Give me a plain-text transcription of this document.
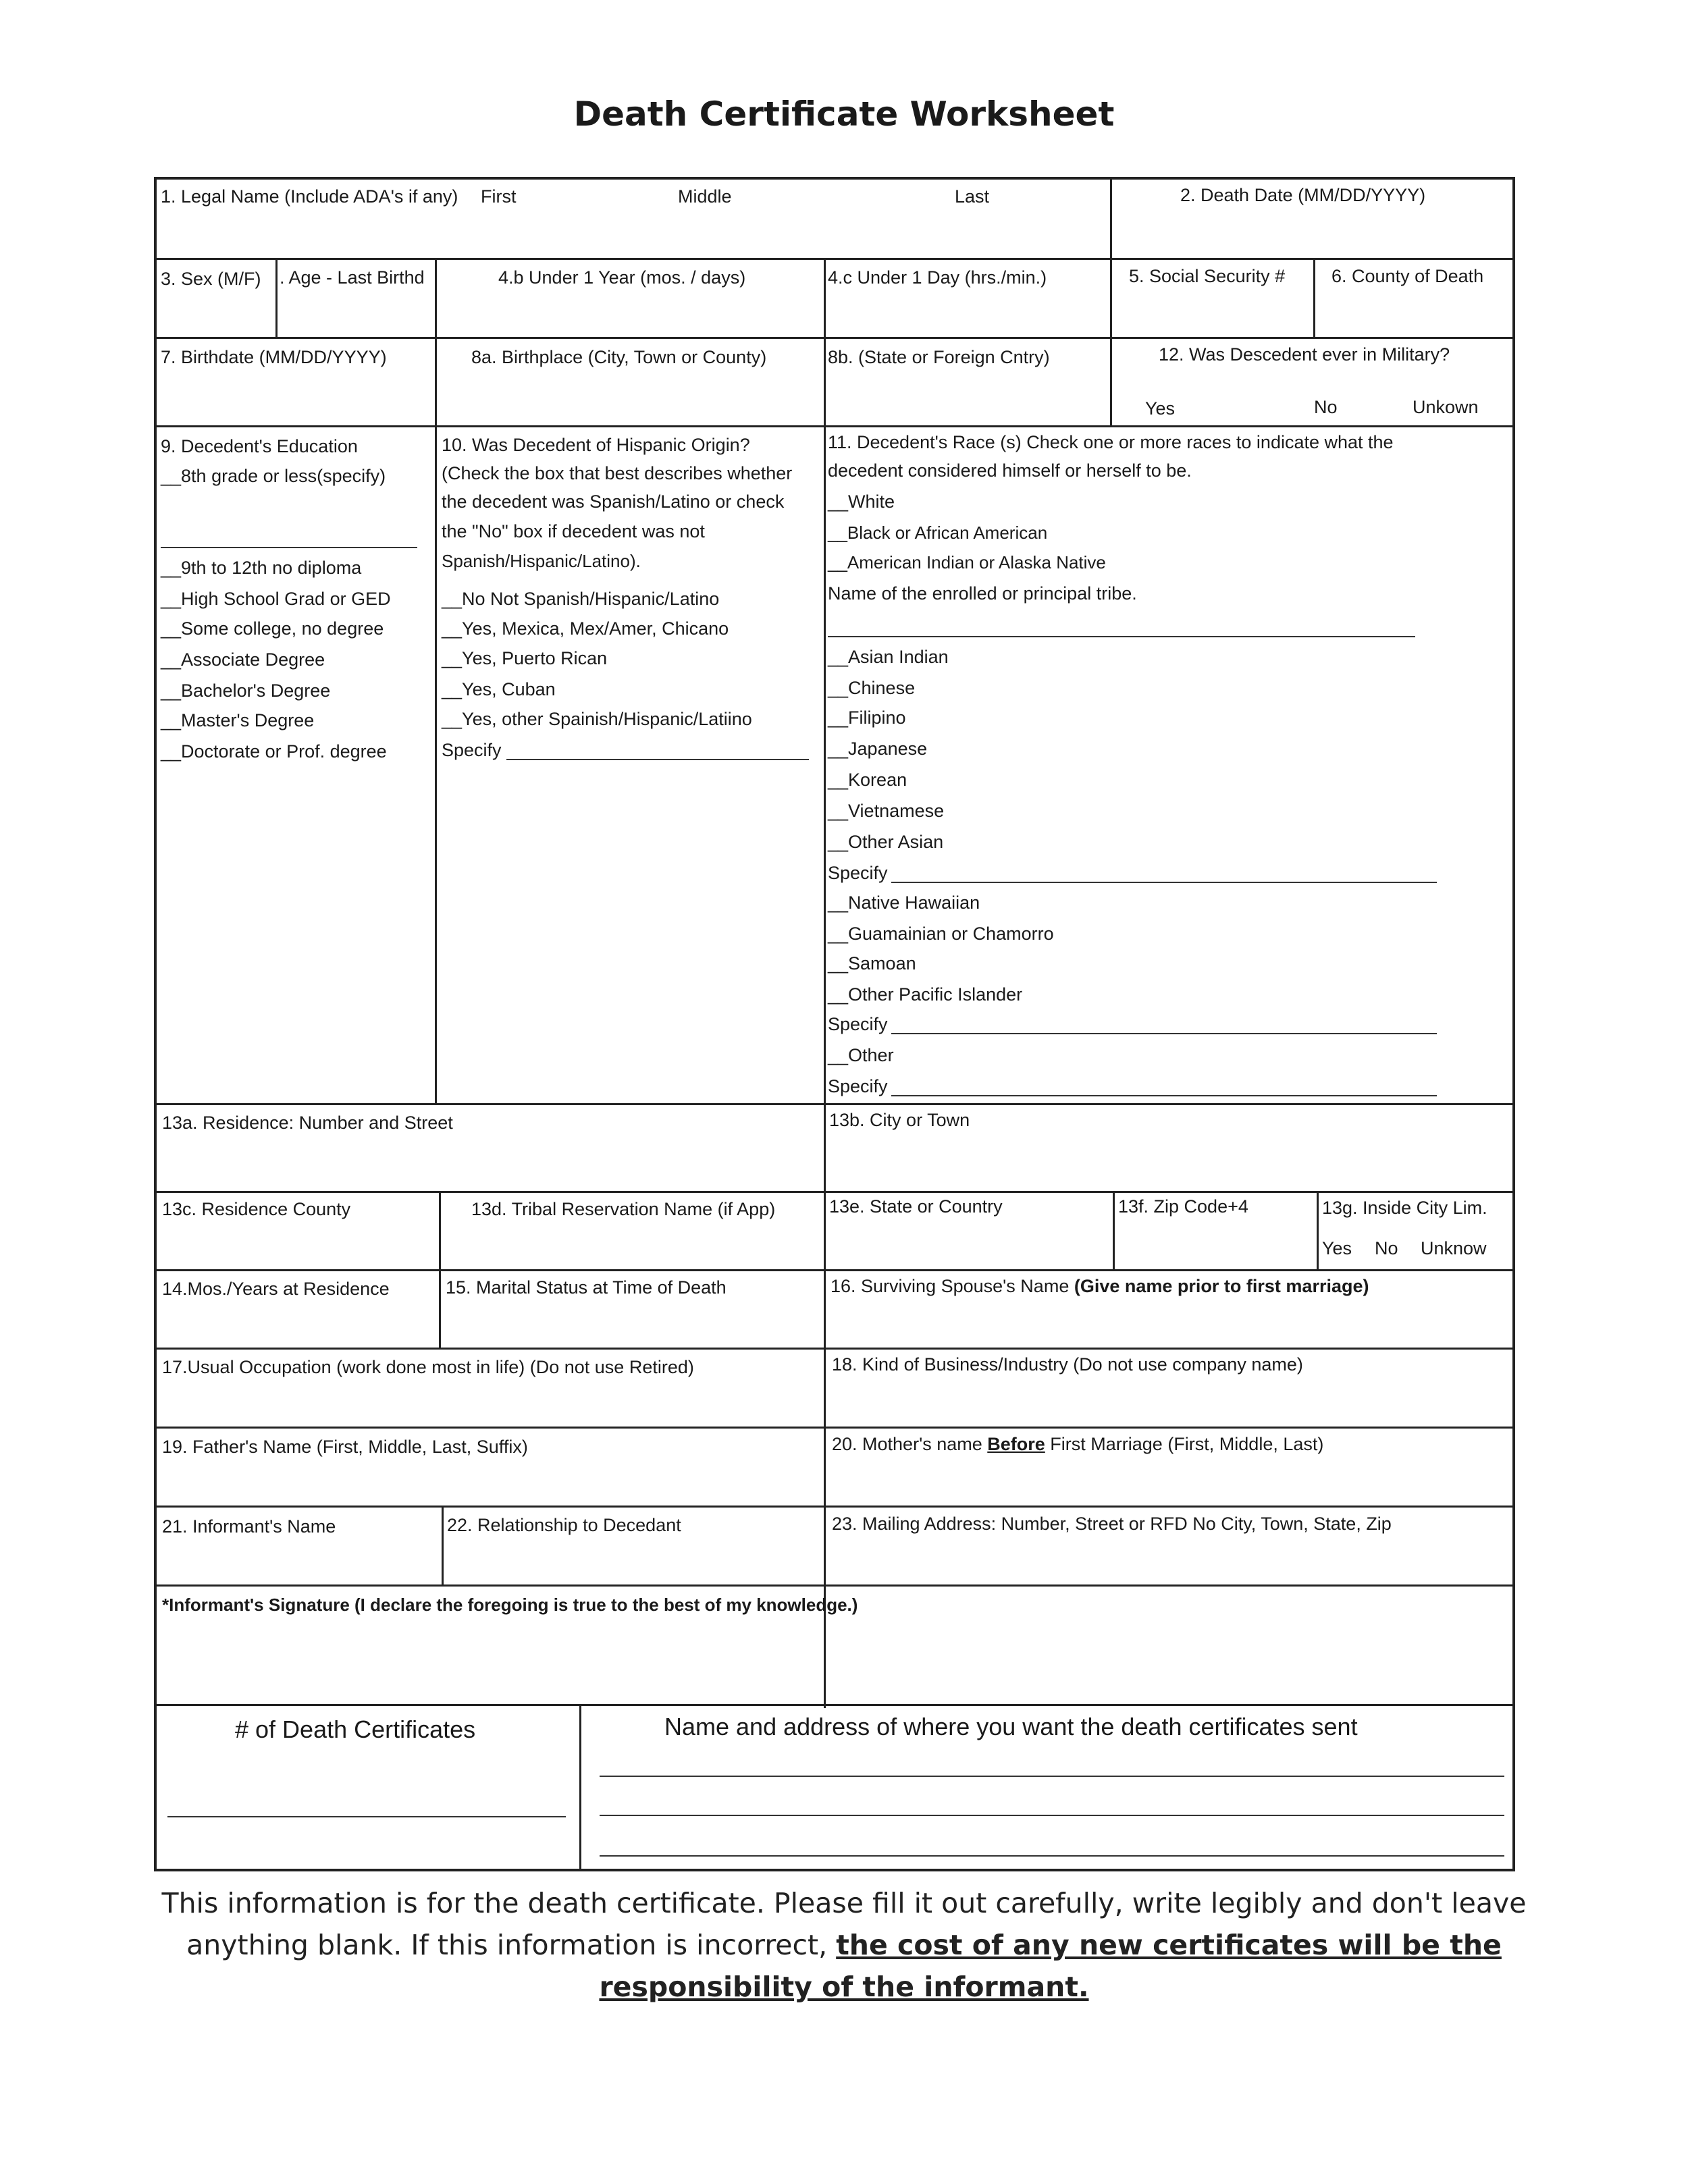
Death Certificate Worksheet
1. Legal Name (Include ADA's if any) First	Middle	Last	2. Death Date (MM/DD/YYYY)
3. Sex (M/F) . Age - Last Birthd	4.b Under 1 Year (mos. / days)	4.c Under 1 Day (hrs./min.)	5. Social Security #	6. County of Death
7. Birthdate (MM/DD/YYYY)	8a. Birthplace (City, Town or County)	8b. (State or Foreign Cntry)	12. Was Descedent ever in Military?
Yes	No	Unkown
9. Decedent's Education
__8th grade or less(specify)
__9th to 12th no diploma
__High School Grad or GED
__Some college, no degree
__Associate Degree
__Bachelor's Degree
__Master's Degree
__Doctorate or Prof. degree
10. Was Decedent of Hispanic Origin?
(Check the box that best describes whether
the decedent was Spanish/Latino or check
the "No" box if decedent was not
Spanish/Hispanic/Latino).
__No Not Spanish/Hispanic/Latino
__Yes, Mexica, Mex/Amer, Chicano
__Yes, Puerto Rican
__Yes, Cuban
__Yes, other Spainish/Hispanic/Latiino
Specify
11. Decedent's Race (s) Check one or more races to indicate what the
decedent considered himself or herself to be.
__White
__Black or African American
__American Indian or Alaska Native
Name of the enrolled or principal tribe.
__Asian Indian
__Chinese
__Filipino
__Japanese
__Korean
__Vietnamese
__Other Asian
Specify
__Native Hawaiian
__Guamainian or Chamorro
__Samoan
__Other Pacific Islander
Specify
__Other
Specify
13a. Residence: Number and Street	13b. City or Town
13c. Residence County	13d. Tribal Reservation Name (if App)	13e. State or Country	13f. Zip Code+4	13g. Inside City Lim.
Yes No Unknow
14.Mos./Years at Residence	15. Marital Status at Time of Death	16. Surviving Spouse's Name (Give name prior to first marriage)
17.Usual Occupation (work done most in life) (Do not use Retired)	18. Kind of Business/Industry (Do not use company name)
19. Father's Name (First, Middle, Last, Suffix)	20. Mother's name Before First Marriage (First, Middle, Last)
21. Informant's Name	22. Relationship to Decedant	23. Mailing Address: Number, Street or RFD No City, Town, State, Zip
*Informant's Signature (I declare the foregoing is true to the best of my knowledge.)
# of Death Certificates	Name and address of where you want the death certificates sent
This information is for the death certificate. Please fill it out carefully, write legibly and don't leave anything blank. If this information is incorrect, the cost of any new certificates will be the responsibility of the informant.
